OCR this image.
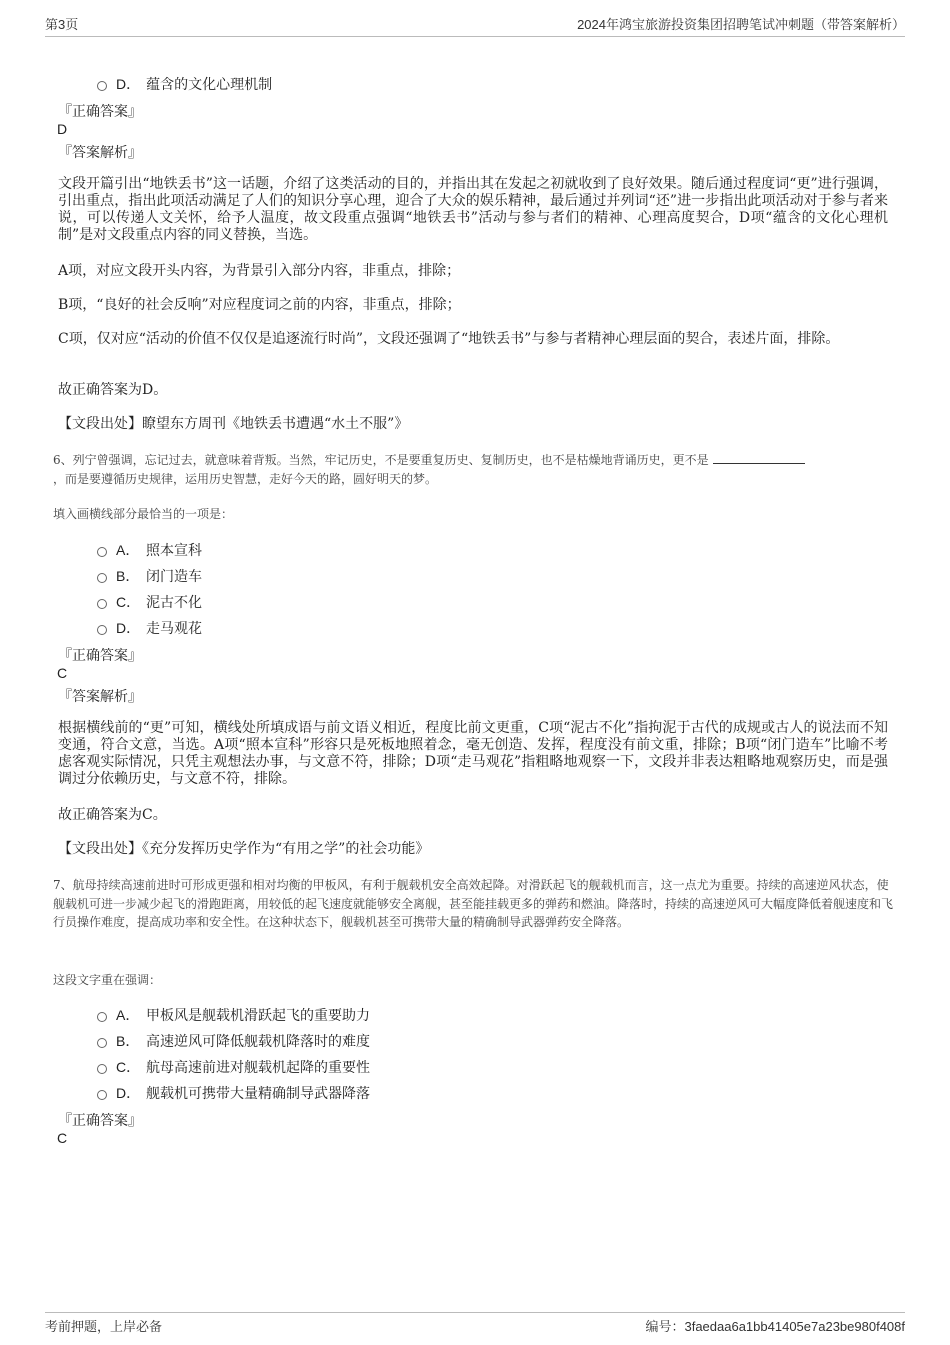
第3页	2024年鸿宝旅游投资集团招聘笔试冲刺题（带答案解析）
D． 蕴含的文化心理机制
『正确答案』
D
『答案解析』
文段开篇引出“地铁丢书”这一话题，介绍了这类活动的目的，并指出其在发起之初就收到了良好效果。随后通过程度词“更”进行强调，引出重点，指出此项活动满足了人们的知识分享心理，迎合了大众的娱乐精神，最后通过并列词“还”进一步指出此项活动对于参与者来说，可以传递人文关怀，给予人温度，故文段重点强调“地铁丢书”活动与参与者们的精神、心理高度契合，D项“蕴含的文化心理机制”是对文段重点内容的同义替换，当选。
A项，对应文段开头内容，为背景引入部分内容，非重点，排除；
B项，“良好的社会反响”对应程度词之前的内容，非重点，排除；
C项，仅对应“活动的价值不仅仅是追逐流行时尚”，文段还强调了“地铁丢书”与参与者精神心理层面的契合，表述片面，排除。
故正确答案为D。
【文段出处】瞭望东方周刊《地铁丢书遭遇“水土不服”》
6、列宁曾强调，忘记过去，就意味着背叛。当然，牢记历史，不是要重复历史、复制历史，也不是枯燥地背诵历史，更不是
，而是要遵循历史规律，运用历史智慧，走好今天的路，圆好明天的梦。
填入画横线部分最恰当的一项是：
A． 照本宣科
B． 闭门造车
C． 泥古不化
D． 走马观花
『正确答案』
C
『答案解析』
根据横线前的“更”可知，横线处所填成语与前文语义相近，程度比前文更重，C项“泥古不化”指拘泥于古代的成规或古人的说法而不知变通，符合文意，当选。A项“照本宣科”形容只是死板地照着念，毫无创造、发挥，程度没有前文重，排除；B项“闭门造车”比喻不考虑客观实际情况，只凭主观想法办事，与文意不符，排除；D项“走马观花”指粗略地观察一下，文段并非表达粗略地观察历史，而是强调过分依赖历史，与文意不符，排除。
故正确答案为C。
【文段出处】《充分发挥历史学作为“有用之学”的社会功能》
7、航母持续高速前进时可形成更强和相对均衡的甲板风，有利于舰载机安全高效起降。对滑跃起飞的舰载机而言，这一点尤为重要。持续的高速逆风状态，使舰载机可进一步减少起飞的滑跑距离，用较低的起飞速度就能够安全离舰，甚至能挂载更多的弹药和燃油。降落时，持续的高速逆风可大幅度降低着舰速度和飞行员操作难度，提高成功率和安全性。在这种状态下，舰载机甚至可携带大量的精确制导武器弹药安全降落。
这段文字重在强调：
A． 甲板风是舰载机滑跃起飞的重要助力
B． 高速逆风可降低舰载机降落时的难度
C． 航母高速前进对舰载机起降的重要性
D． 舰载机可携带大量精确制导武器降落
『正确答案』
C
考前押题，上岸必备	编号：3faedaa6a1bb41405e7a23be980f408f
